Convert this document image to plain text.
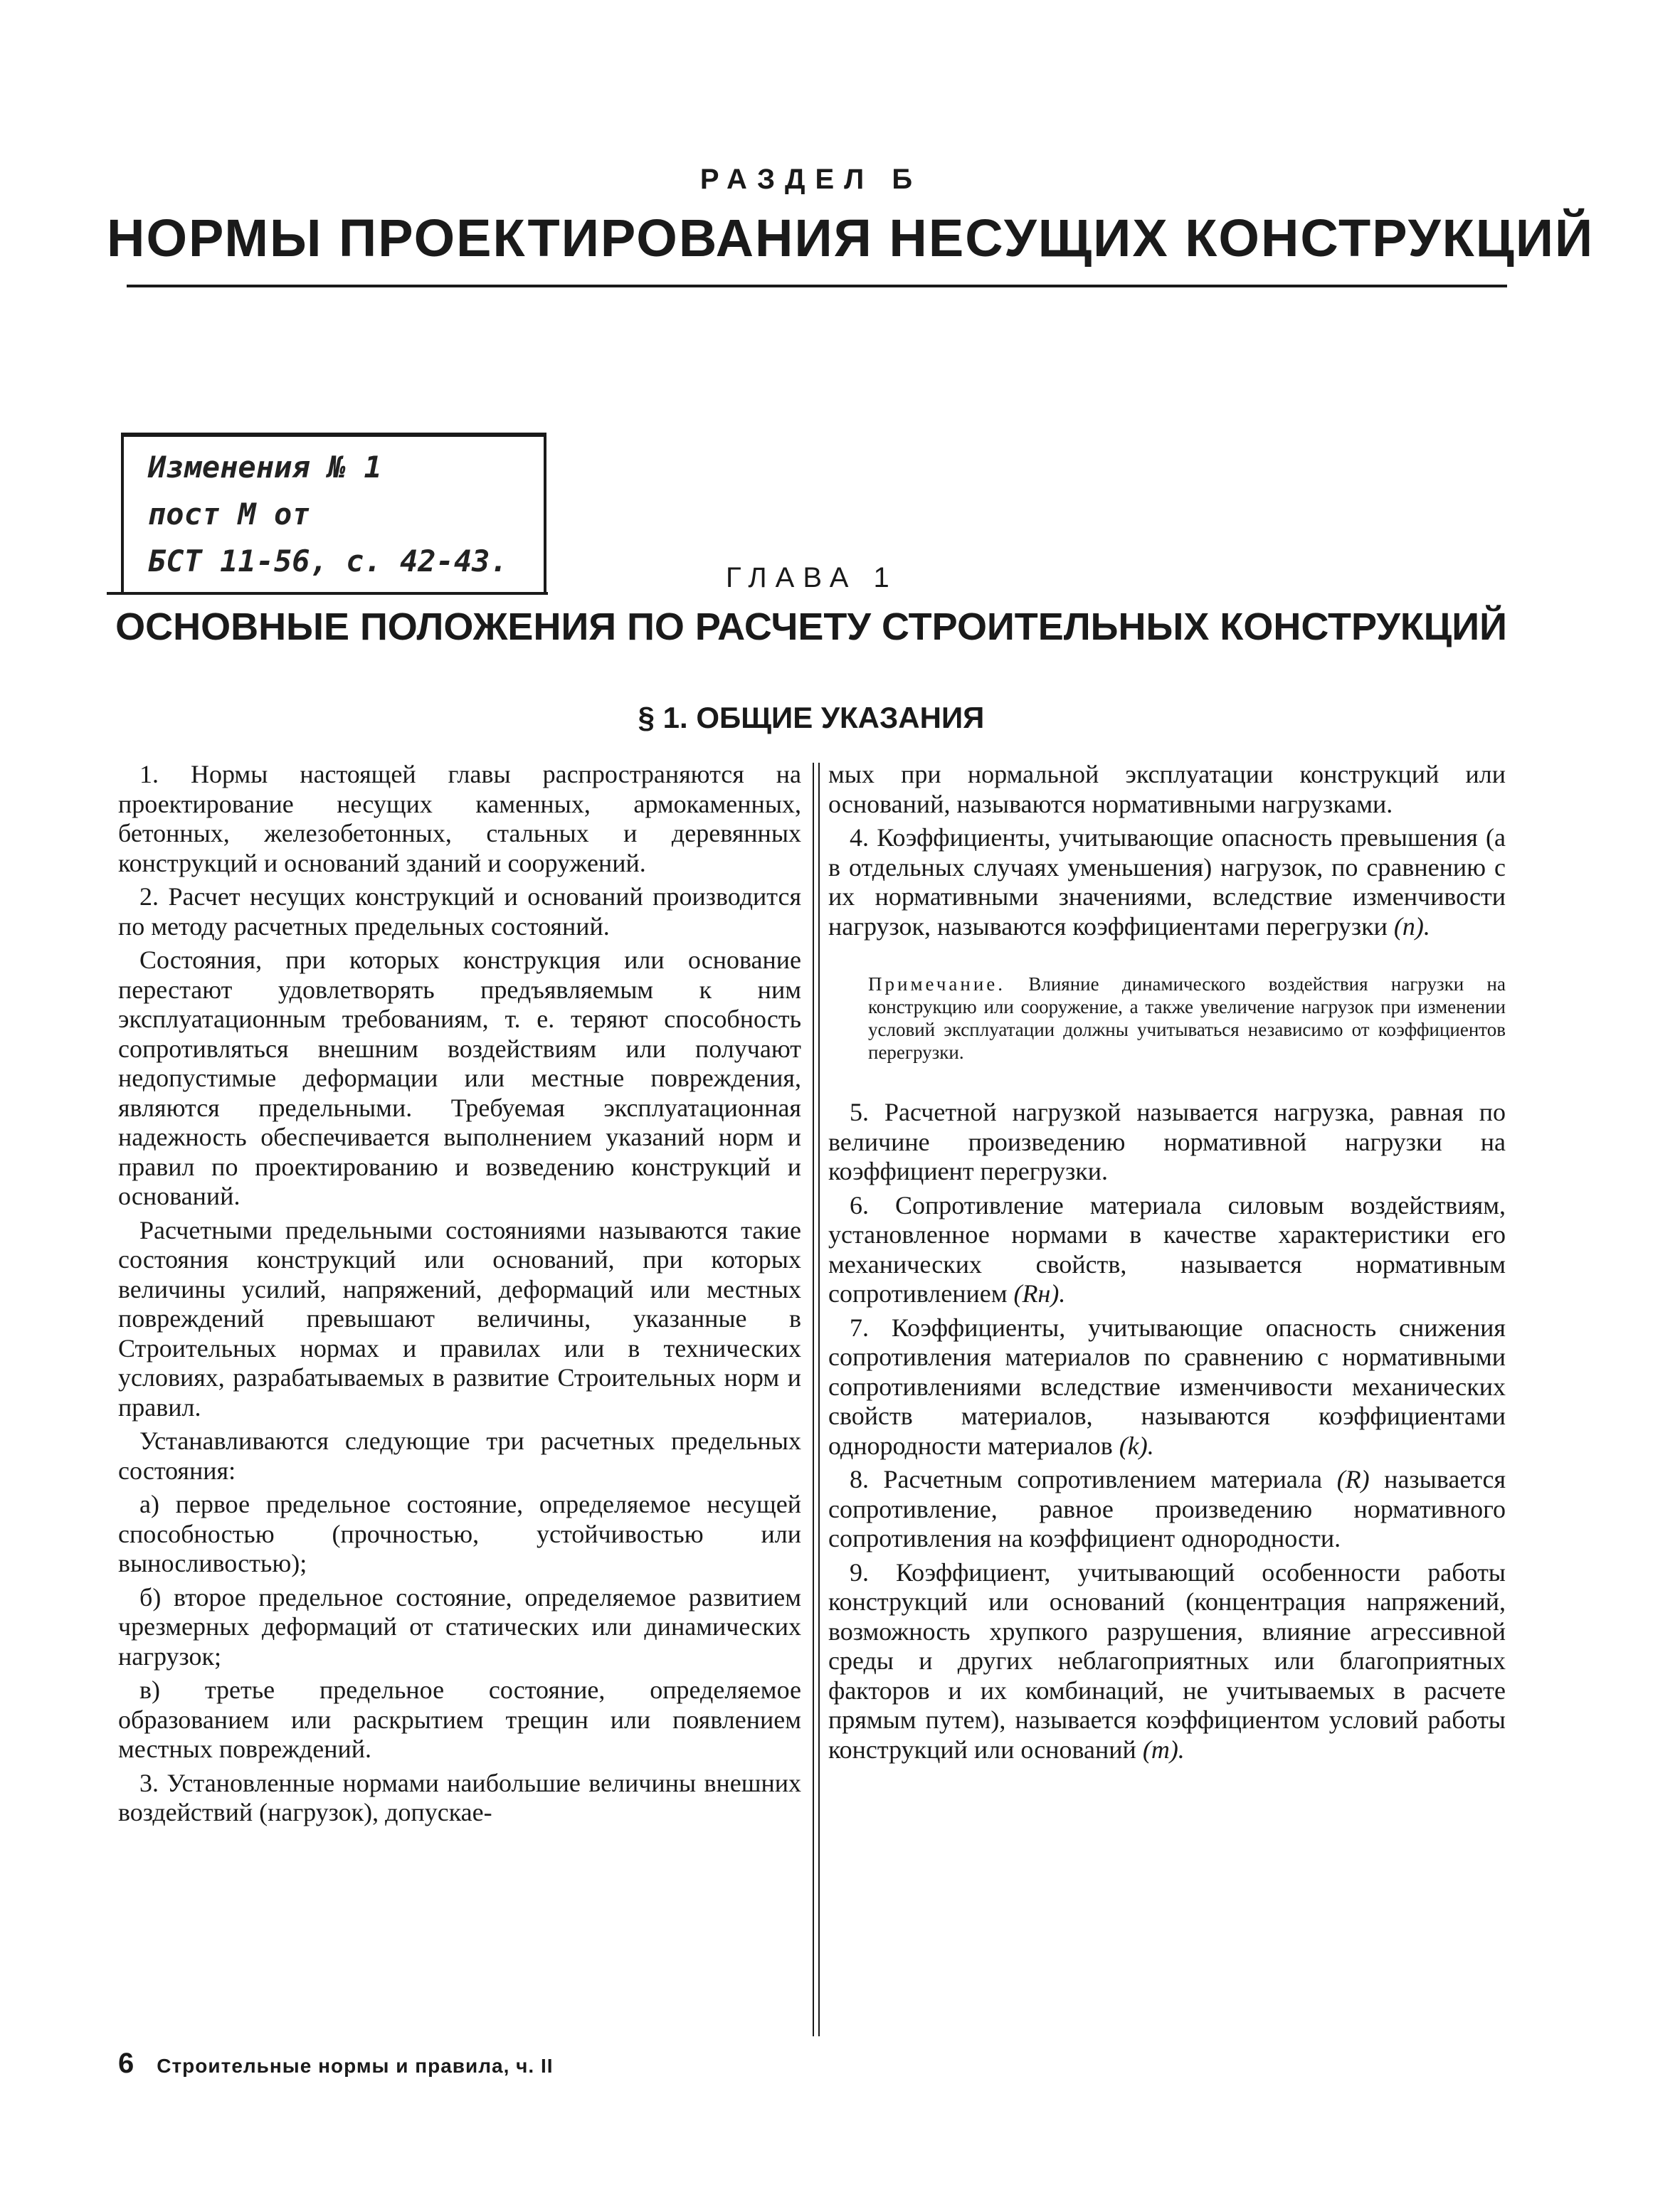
РАЗДЕЛ Б
НОРМЫ ПРОЕКТИРОВАНИЯ НЕСУЩИХ КОНСТРУКЦИЙ
Изменения № 1
пост М от
БСТ 11-56, с. 42-43.	ГЛАВА 1
ОСНОВНЫЕ ПОЛОЖЕНИЯ ПО РАСЧЕТУ СТРОИТЕЛЬНЫХ КОНСТРУКЦИЙ
§ 1. ОБЩИЕ УКАЗАНИЯ

1. Нормы настоящей главы распространяются на проектирование несущих каменных, армокаменных, бетонных, железобетонных, стальных и деревянных конструкций и оснований зданий и сооружений.

2. Расчет несущих конструкций и оснований производится по методу расчетных предельных состояний.

Состояния, при которых конструкция или основание перестают удовлетворять предъявляемым к ним эксплуатационным требованиям, т. е. теряют способность сопротивляться внешним воздействиям или получают недопустимые деформации или местные повреждения, являются предельными. Требуемая эксплуатационная надежность обеспечивается выполнением указаний норм и правил по проектированию и возведению конструкций и оснований.

Расчетными предельными состояниями называются такие состояния конструкций или оснований, при которых величины усилий, напряжений, деформаций или местных повреждений превышают величины, указанные в Строительных нормах и правилах или в технических условиях, разрабатываемых в развитие Строительных норм и правил.

Устанавливаются следующие три расчетных предельных состояния:

а) первое предельное состояние, определяемое несущей способностью (прочностью, устойчивостью или выносливостью);

б) второе предельное состояние, определяемое развитием чрезмерных деформаций от статических или динамических нагрузок;

в) третье предельное состояние, определяемое образованием или раскрытием трещин или появлением местных повреждений.

3. Установленные нормами наибольшие величины внешних воздействий (нагрузок), допускае-

мых при нормальной эксплуатации конструкций или оснований, называются нормативными нагрузками.

4. Коэффициенты, учитывающие опасность превышения (а в отдельных случаях уменьшения) нагрузок, по сравнению с их нормативными значениями, вследствие изменчивости нагрузок, называются коэффициентами перегрузки (n).

Примечание. Влияние динамического воздействия нагрузки на конструкцию или сооружение, а также увеличение нагрузок при изменении условий эксплуатации должны учитываться независимо от коэффициентов перегрузки.

5. Расчетной нагрузкой называется нагрузка, равная по величине произведению нормативной нагрузки на коэффициент перегрузки.

6. Сопротивление материала силовым воздействиям, установленное нормами в качестве характеристики его механических свойств, называется нормативным сопротивлением (Rн).

7. Коэффициенты, учитывающие опасность снижения сопротивления материалов по сравнению с нормативными сопротивлениями вследствие изменчивости механических свойств материалов, называются коэффициентами однородности материалов (k).

8. Расчетным сопротивлением материала (R) называется сопротивление, равное произведению нормативного сопротивления на коэффициент однородности.

9. Коэффициент, учитывающий особенности работы конструкций или оснований (концентрация напряжений, возможность хрупкого разрушения, влияние агрессивной среды и других неблагоприятных или благоприятных факторов и их комбинаций, не учитываемых в расчете прямым путем), называется коэффициентом условий работы конструкций или оснований (m).

6 Строительные нормы и правила, ч. II
